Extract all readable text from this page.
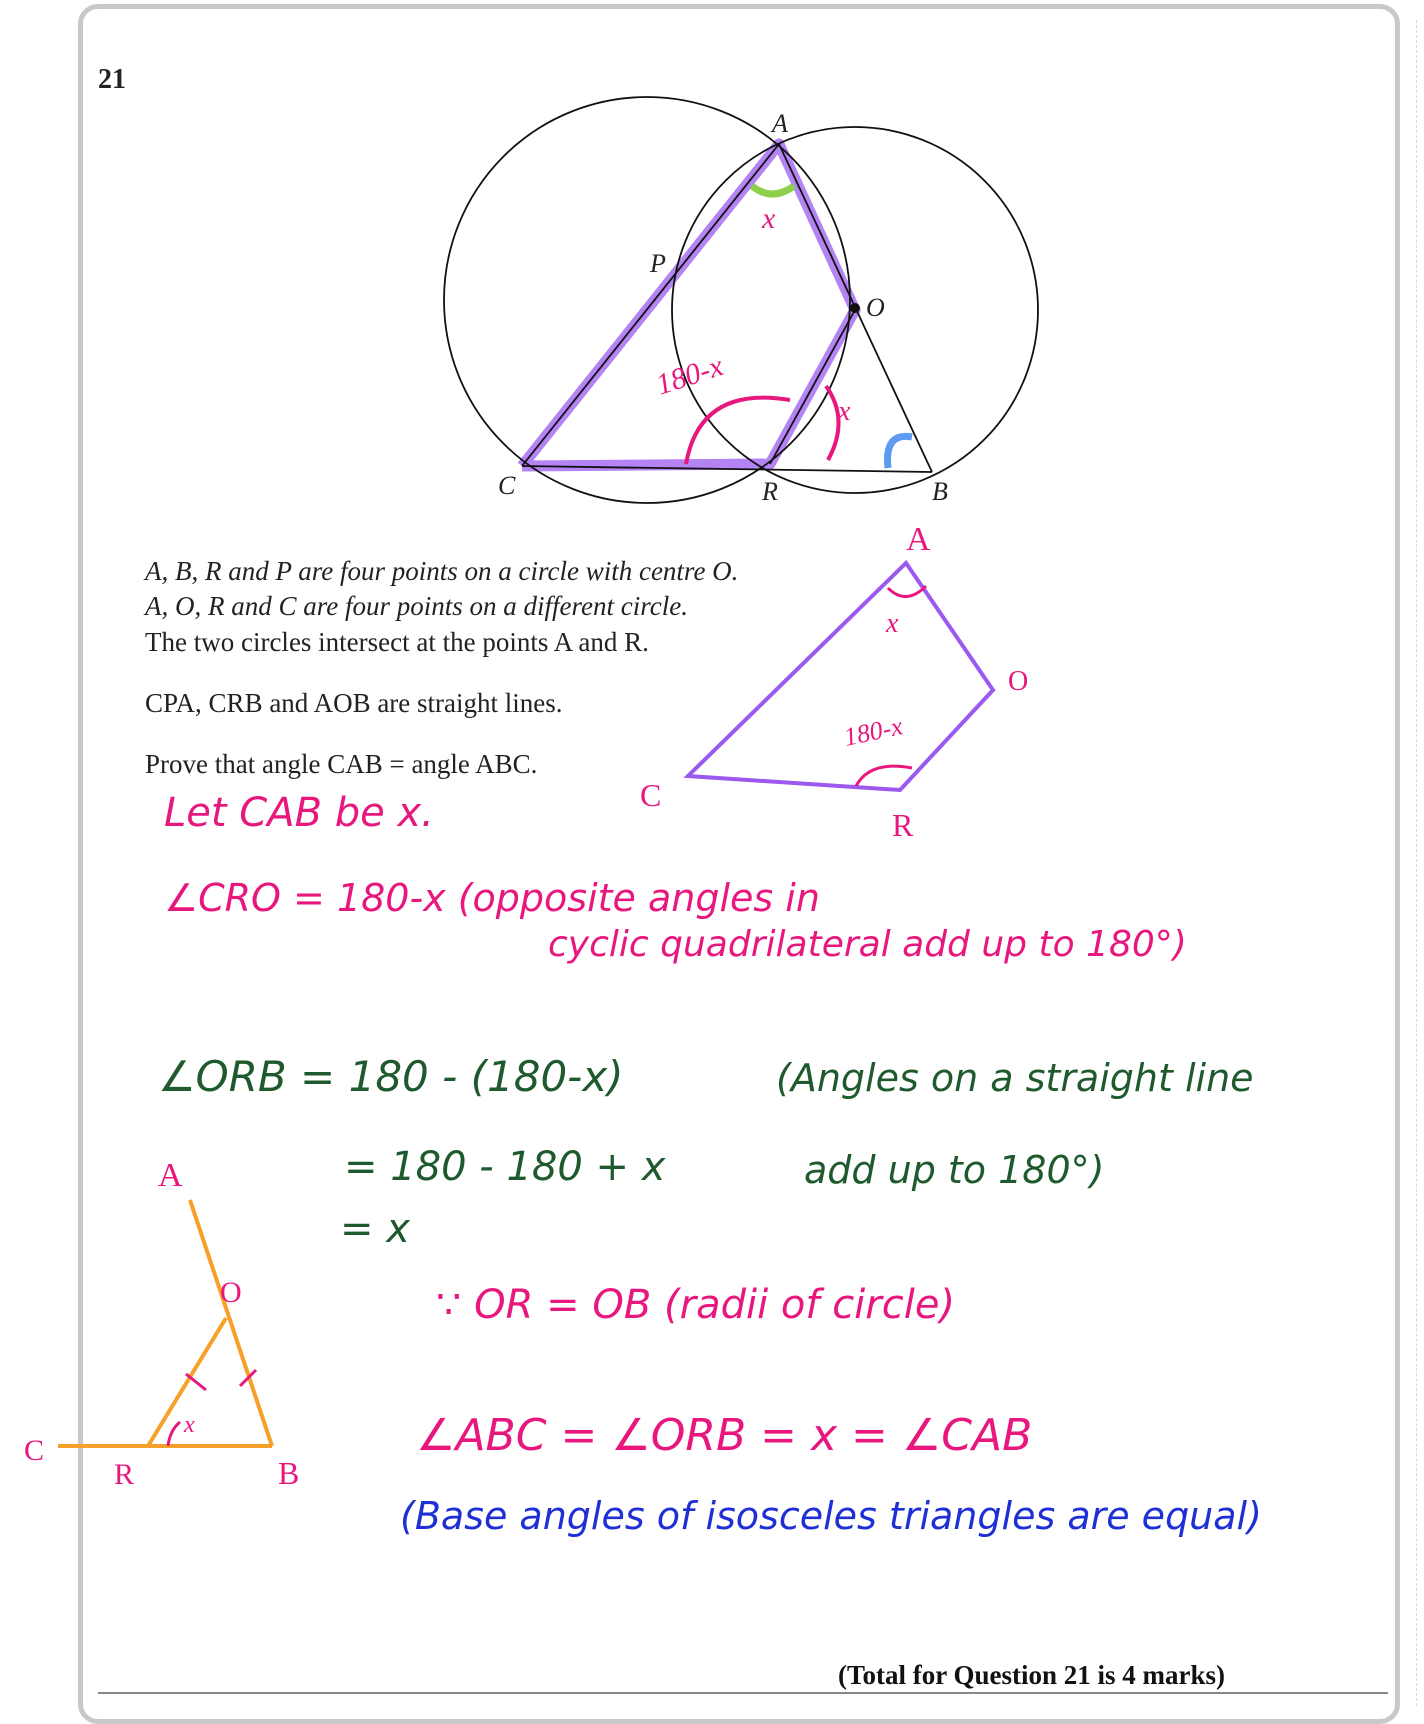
21
A
P
O
C	R	B
x
180-x
x
A
O
C
R
x
180-x
A
O
C
R	B
x
A, B, R and P are four points on a circle with centre O.
A, O, R and C are four points on a different circle.
The two circles intersect at the points A and R.
CPA, CRB and AOB are straight lines.
Prove that angle CAB = angle ABC.
Let CAB be x.
∠CRO = 180-x (opposite angles in
cyclic quadrilateral add up to 180°)
∠ORB = 180 - (180-x)	(Angles on a straight line
= 180 - 180 + x	add up to 180°)
= x
∵ OR = OB (radii of circle)
∠ABC = ∠ORB = x = ∠CAB
(Base angles of isosceles triangles are equal)
(Total for Question 21 is 4 marks)
